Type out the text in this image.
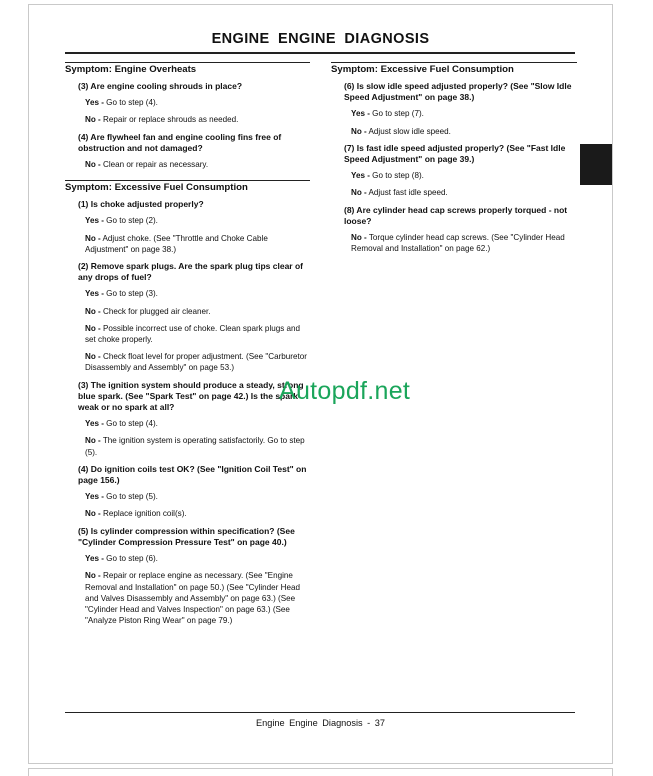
ENGINE ENGINE DIAGNOSIS
Symptom: Engine Overheats
(3) Are engine cooling shrouds in place?
Yes - Go to step (4).
No - Repair or replace shrouds as needed.
(4) Are flywheel fan and engine cooling fins free of obstruction and not damaged?
No - Clean or repair as necessary.
Symptom: Excessive Fuel Consumption
(1) Is choke adjusted properly?
Yes - Go to step (2).
No - Adjust choke. (See "Throttle and Choke Cable Adjustment" on page 38.)
(2) Remove spark plugs. Are the spark plug tips clear of any drops of fuel?
Yes - Go to step (3).
No - Check for plugged air cleaner.
No - Possible incorrect use of choke. Clean spark plugs and set choke properly.
No - Check float level for proper adjustment. (See "Carburetor Disassembly and Assembly" on page 53.)
(3) The ignition system should produce a steady, strong blue spark. (See "Spark Test" on page 42.) Is the spark weak or no spark at all?
Yes - Go to step (4).
No - The ignition system is operating satisfactorily. Go to step (5).
(4) Do ignition coils test OK? (See "Ignition Coil Test" on page 156.)
Yes - Go to step (5).
No - Replace ignition coil(s).
(5) Is cylinder compression within specification? (See "Cylinder Compression Pressure Test" on page 40.)
Yes - Go to step (6).
No - Repair or replace engine as necessary. (See "Engine Removal and Installation" on page 50.) (See "Cylinder Head and Valves Disassembly and Assembly" on page 63.) (See "Cylinder Head and Valves Inspection" on page 63.) (See "Analyze Piston Ring Wear" on page 79.)
Symptom: Excessive Fuel Consumption
(6) Is slow idle speed adjusted properly? (See "Slow Idle Speed Adjustment" on page 38.)
Yes - Go to step (7).
No - Adjust slow idle speed.
(7) Is fast idle speed adjusted properly? (See "Fast Idle Speed Adjustment" on page 39.)
Yes - Go to step (8).
No - Adjust fast idle speed.
(8) Are cylinder head cap screws properly torqued - not loose?
No - Torque cylinder head cap screws. (See "Cylinder Head Removal and Installation" on page 62.)
Autopdf.net
Engine Engine Diagnosis - 37
